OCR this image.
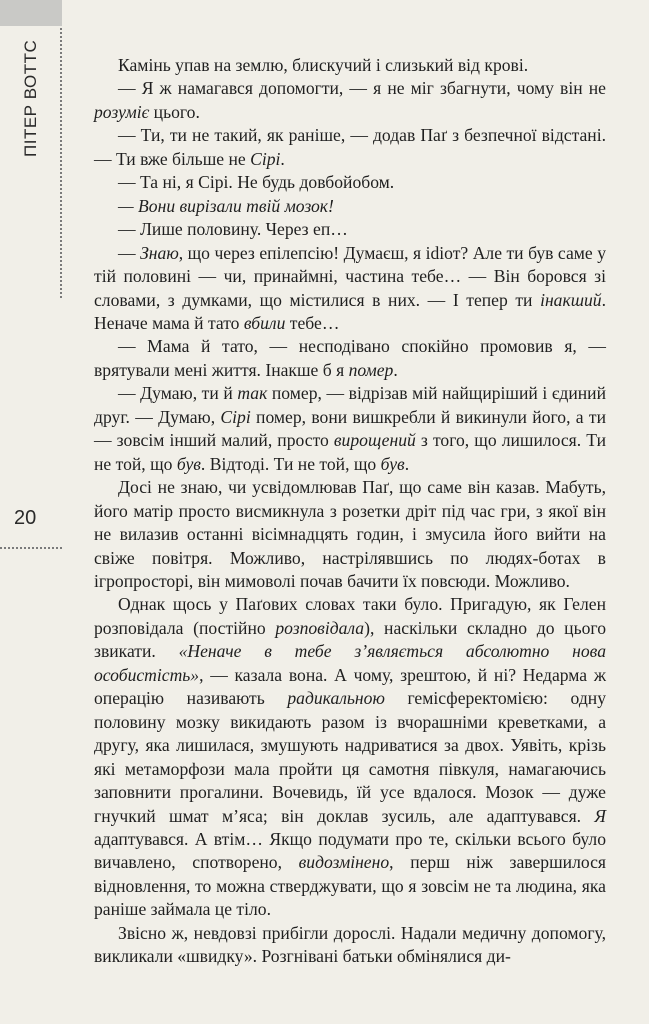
ПІТЕР ВОТТС
20

Камінь упав на землю, блискучий і слизький від крові.

— Я ж намагався допомогти, — я не міг збагнути, чому він не розуміє цього.

— Ти, ти не такий, як раніше, — додав Паґ з безпечної відстані. — Ти вже більше не Сірі.

— Та ні, я Сірі. Не будь довбойобом.

— Вони вирізали твій мозок!

— Лише половину. Через еп…

— Знаю, що через епілепсію! Думаєш, я idiот? Але ти був саме у тій половині — чи, принаймні, частина тебе… — Він боровся зі словами, з думками, що містилися в них. — І тепер ти інакший. Неначе мама й тато вбили тебе…

— Мама й тато, — несподівано спокійно промовив я, — врятували мені життя. Інакше б я помер.

— Думаю, ти й так помер, — відрізав мій найщиріший і єдиний друг. — Думаю, Сірі помер, вони вишкребли й викинули його, а ти — зовсім інший малий, просто вирощений з того, що лишилося. Ти не той, що був. Відтоді. Ти не той, що був.

Досі не знаю, чи усвідомлював Паґ, що саме він казав. Мабуть, його матір просто висмикнула з розетки дріт під час гри, з якої він не вилазив останні вісімнадцять годин, і змусила його вийти на свіже повітря. Можливо, настрілявшись по людях-ботах в ігропросторі, він мимоволі почав бачити їх повсюди. Можливо.

Однак щось у Паґових словах таки було. Пригадую, як Гелен розповідала (постійно розповідала), наскільки складно до цього звикати. «Неначе в тебе з’являється абсолютно нова особистість», — казала вона. А чому, зрештою, й ні? Недарма ж операцію називають радикальною гемісферектомією: одну половину мозку викидають разом із вчорашніми креветками, а другу, яка лишилася, змушують надриватися за двох. Уявіть, крізь які метаморфози мала пройти ця самотня півкуля, намагаючись заповнити прогалини. Вочевидь, їй усе вдалося. Мозок — дуже гнучкий шмат м’яса; він доклав зусиль, але адаптувався. Я адаптувався. А втім… Якщо подумати про те, скільки всього було вичавлено, спотворено, видозмінено, перш ніж завершилося відновлення, то можна стверджувати, що я зовсім не та людина, яка раніше займала це тіло.

Звісно ж, невдовзі прибігли дорослі. Надали медичну допомогу, викликали «швидку». Розгнівані батьки обмінялися ди-
